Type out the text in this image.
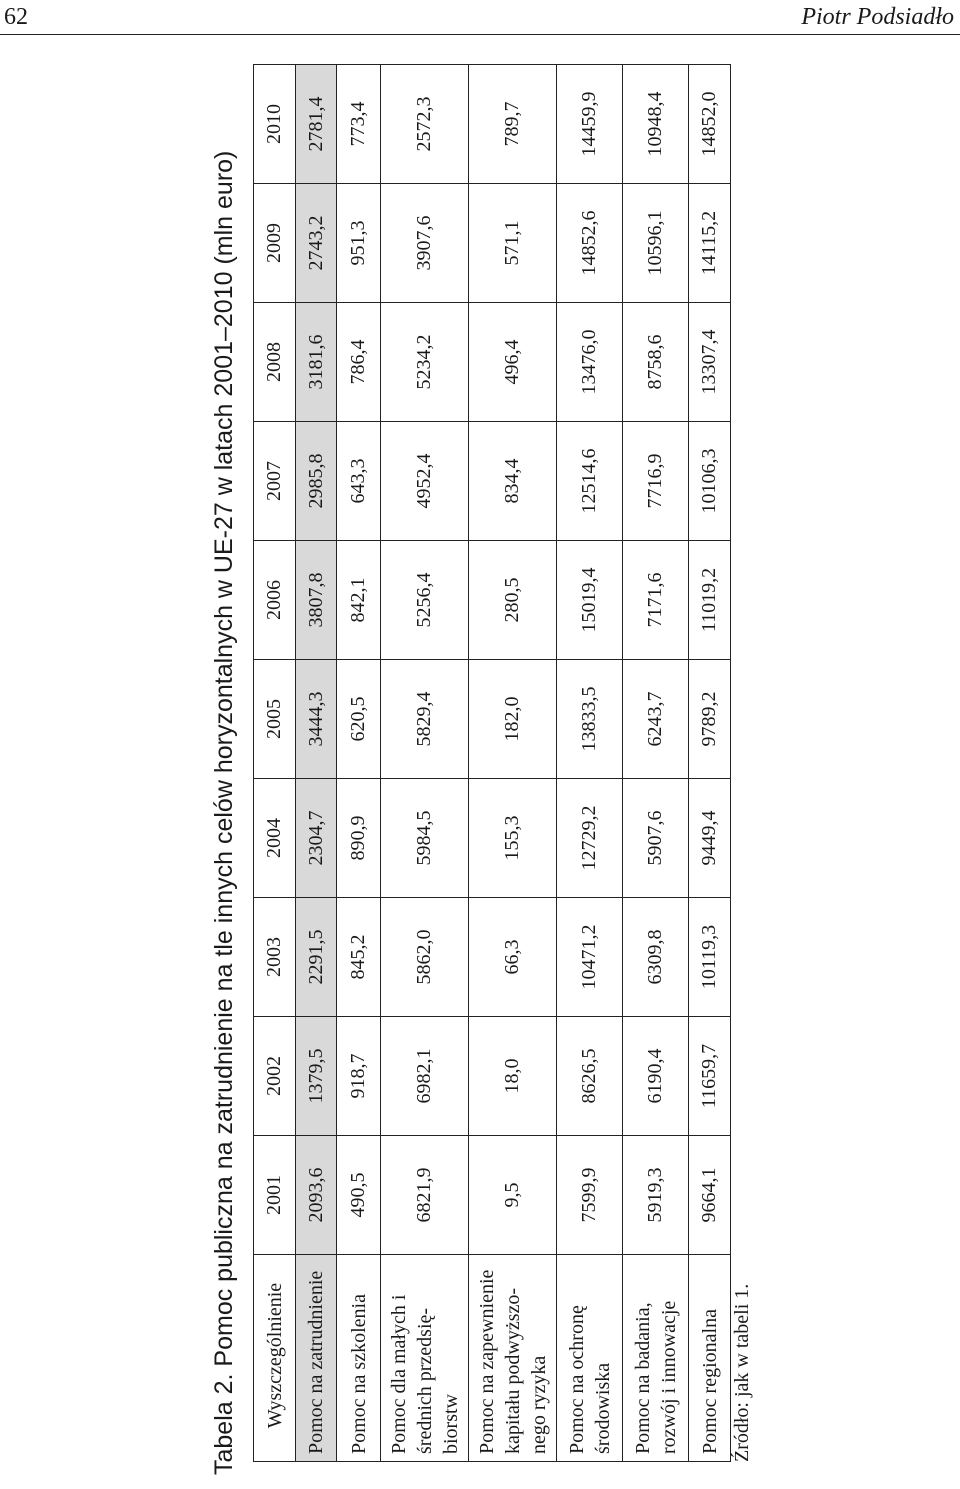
62	Piotr Podsiadło
Tabela 2. Pomoc publiczna na zatrudnienie na tle innych celów horyzontalnych w UE-27 w latach 2001–2010 (mln euro) Wyszczególnienie	2001	2002	2003	2004	2005	2006	2007	2008	2009	2010
Pomoc na zatrudnienie	2093,6	1379,5	2291,5	2304,7	3444,3	3807,8	2985,8	3181,6	2743,2	2781,4
Pomoc na szkolenia	490,5	918,7	845,2	890,9	620,5	842,1	643,3	786,4	951,3	773,4
Pomoc dla małych i średnich przedsię-biorstw	6821,9	6982,1	5862,0	5984,5	5829,4	5256,4	4952,4	5234,2	3907,6	2572,3
Pomoc na zapewnienie kapitału podwyższo-nego ryzyka	9,5	18,0	66,3	155,3	182,0	280,5	834,4	496,4	571,1	789,7
Pomoc na ochronę środowiska	7599,9	8626,5	10471,2	12729,2	13833,5	15019,4	12514,6	13476,0	14852,6	14459,9
Pomoc na badania, rozwój i innowacje	5919,3	6190,4	6309,8	5907,6	6243,7	7171,6	7716,9	8758,6	10596,1	10948,4
Pomoc regionalna	9664,1	11659,7	10119,3	9449,4	9789,2	11019,2	10106,3	13307,4	14115,2	14852,0
Źródło: jak w tabeli 1.
